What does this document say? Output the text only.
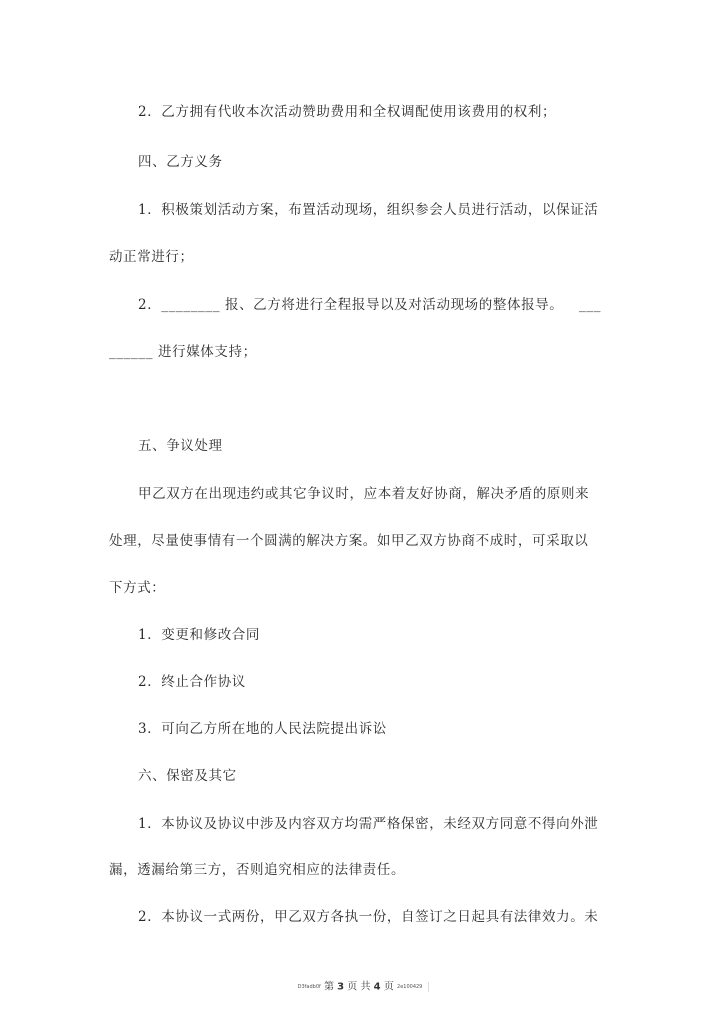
2．乙方拥有代收本次活动赞助费用和全权调配使用该费用的权利；
四、乙方义务
1．积极策划活动方案，布置活动现场，组织参会人员进行活动，以保证活
动正常进行；
2．________ 报、乙方将进行全程报导以及对活动现场的整体报导。 ___
______ 进行媒体支持；
五、争议处理
甲乙双方在出现违约或其它争议时，应本着友好协商，解决矛盾的原则来
处理，尽量使事情有一个圆满的解决方案。如甲乙双方协商不成时，可采取以
下方式：
1．变更和修改合同
2．终止合作协议
3．可向乙方所在地的人民法院提出诉讼
六、保密及其它
1．本协议及协议中涉及内容双方均需严格保密，未经双方同意不得向外泄
漏，透漏给第三方，否则追究相应的法律责任。
2．本协议一式两份，甲乙双方各执一份，自签订之日起具有法律效力。未
D3fadb0f 第 3 页 共 4 页 2e100429
